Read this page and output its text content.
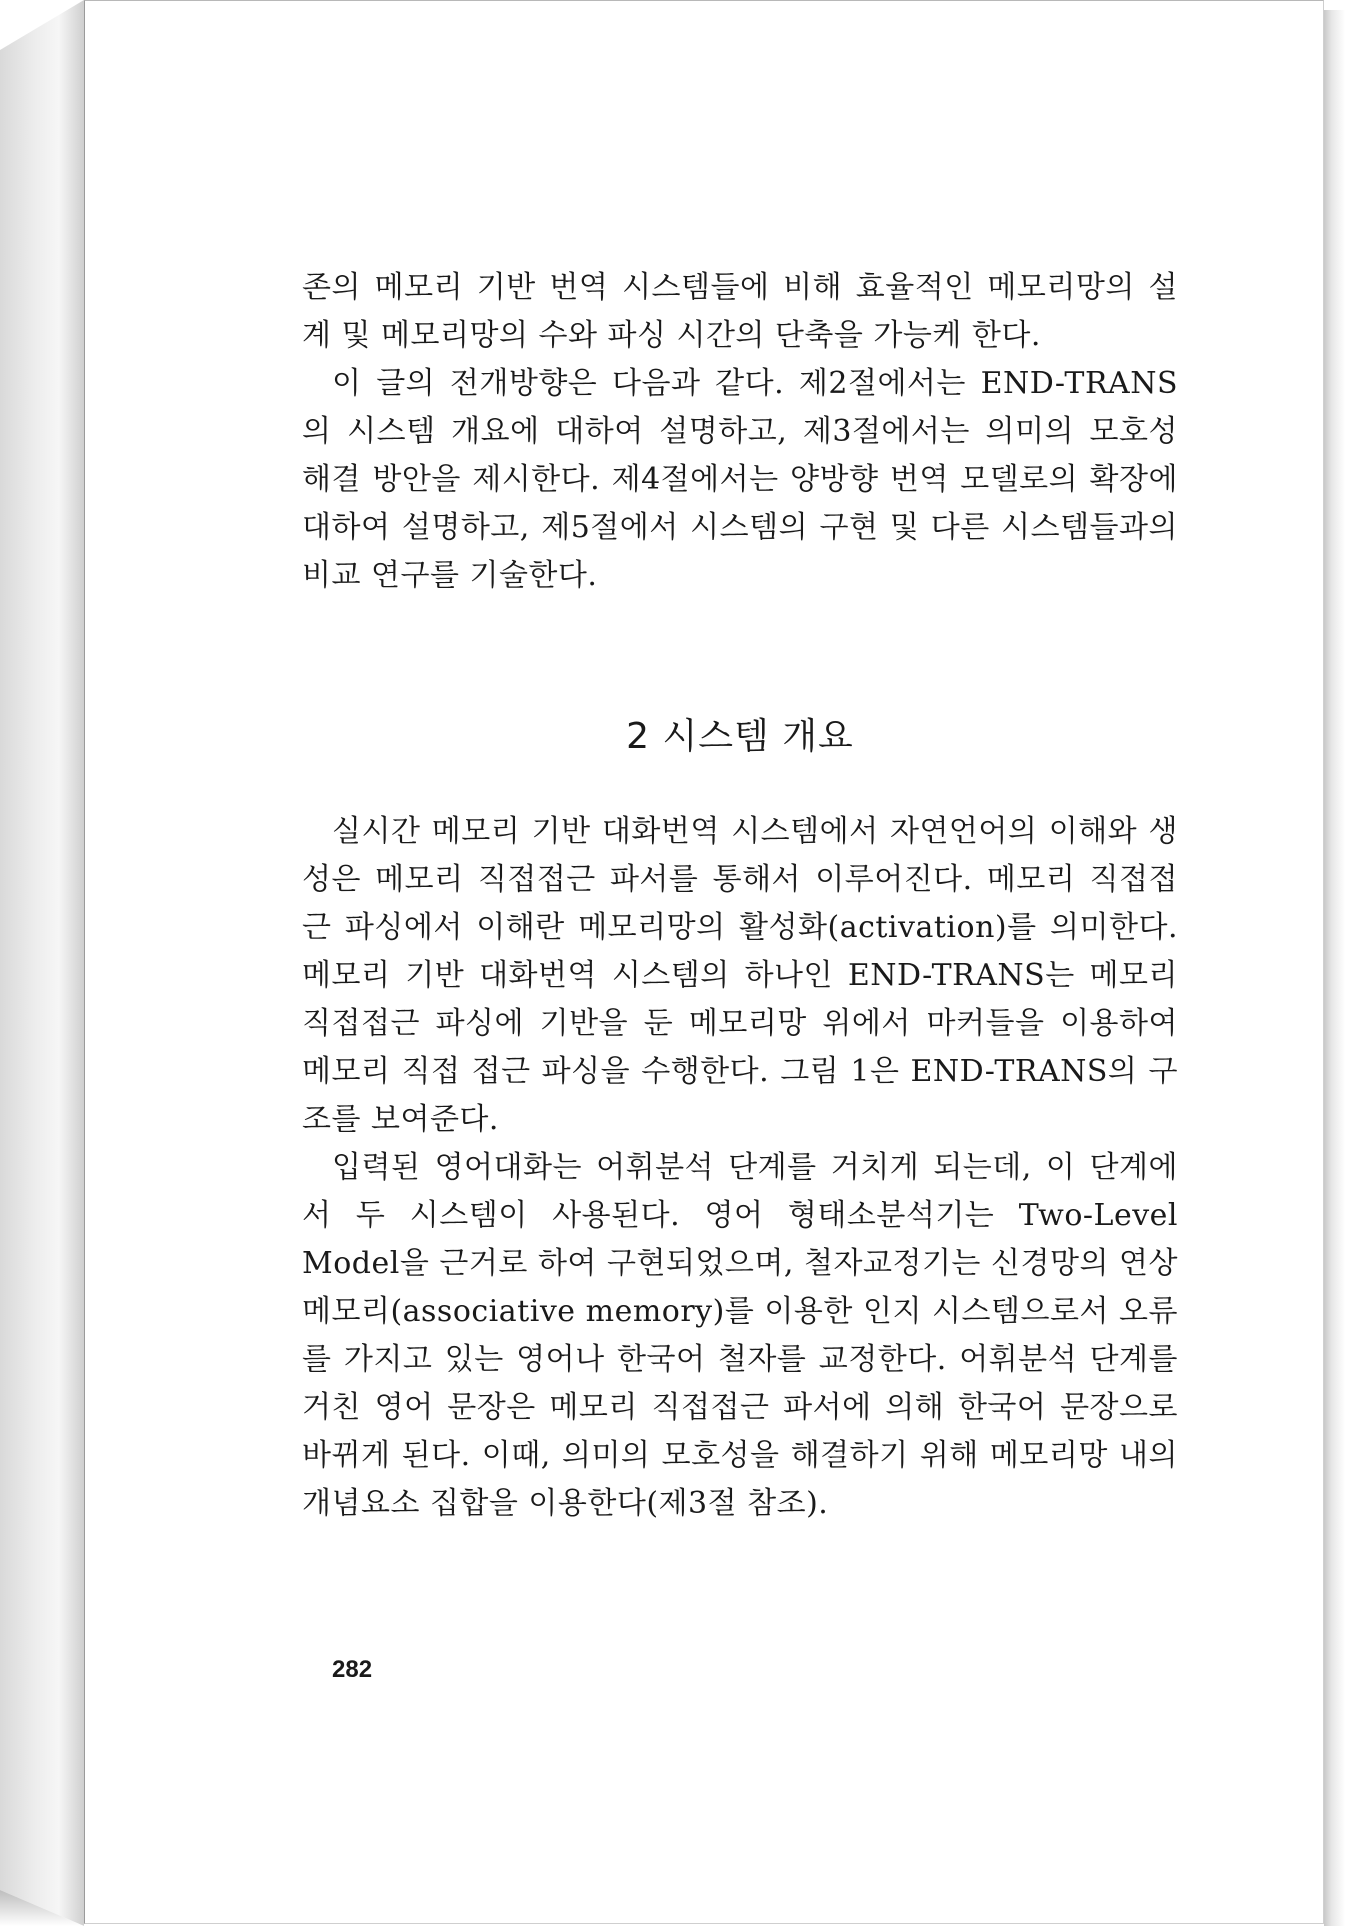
존의 메모리 기반 번역 시스템들에 비해 효율적인 메모리망의 설계 및 메모리망의 수와 파싱 시간의 단축을 가능케 한다.

이 글의 전개방향은 다음과 같다. 제2절에서는 END-TRANS의 시스템 개요에 대하여 설명하고, 제3절에서는 의미의 모호성 해결 방안을 제시한다. 제4절에서는 양방향 번역 모델로의 확장에 대하여 설명하고, 제5절에서 시스템의 구현 및 다른 시스템들과의 비교 연구를 기술한다.

2 시스템 개요

실시간 메모리 기반 대화번역 시스템에서 자연언어의 이해와 생성은 메모리 직접접근 파서를 통해서 이루어진다. 메모리 직접접근 파싱에서 이해란 메모리망의 활성화(activation)를 의미한다. 메모리 기반 대화번역 시스템의 하나인 END-TRANS는 메모리 직접접근 파싱에 기반을 둔 메모리망 위에서 마커들을 이용하여 메모리 직접 접근 파싱을 수행한다. 그림 1은 END-TRANS의 구조를 보여준다.

입력된 영어대화는 어휘분석 단계를 거치게 되는데, 이 단계에서 두 시스템이 사용된다. 영어 형태소분석기는 Two-Level Model을 근거로 하여 구현되었으며, 철자교정기는 신경망의 연상 메모리(associative memory)를 이용한 인지 시스템으로서 오류를 가지고 있는 영어나 한국어 철자를 교정한다. 어휘분석 단계를 거친 영어 문장은 메모리 직접접근 파서에 의해 한국어 문장으로 바뀌게 된다. 이때, 의미의 모호성을 해결하기 위해 메모리망 내의 개념요소 집합을 이용한다(제3절 참조).

282
